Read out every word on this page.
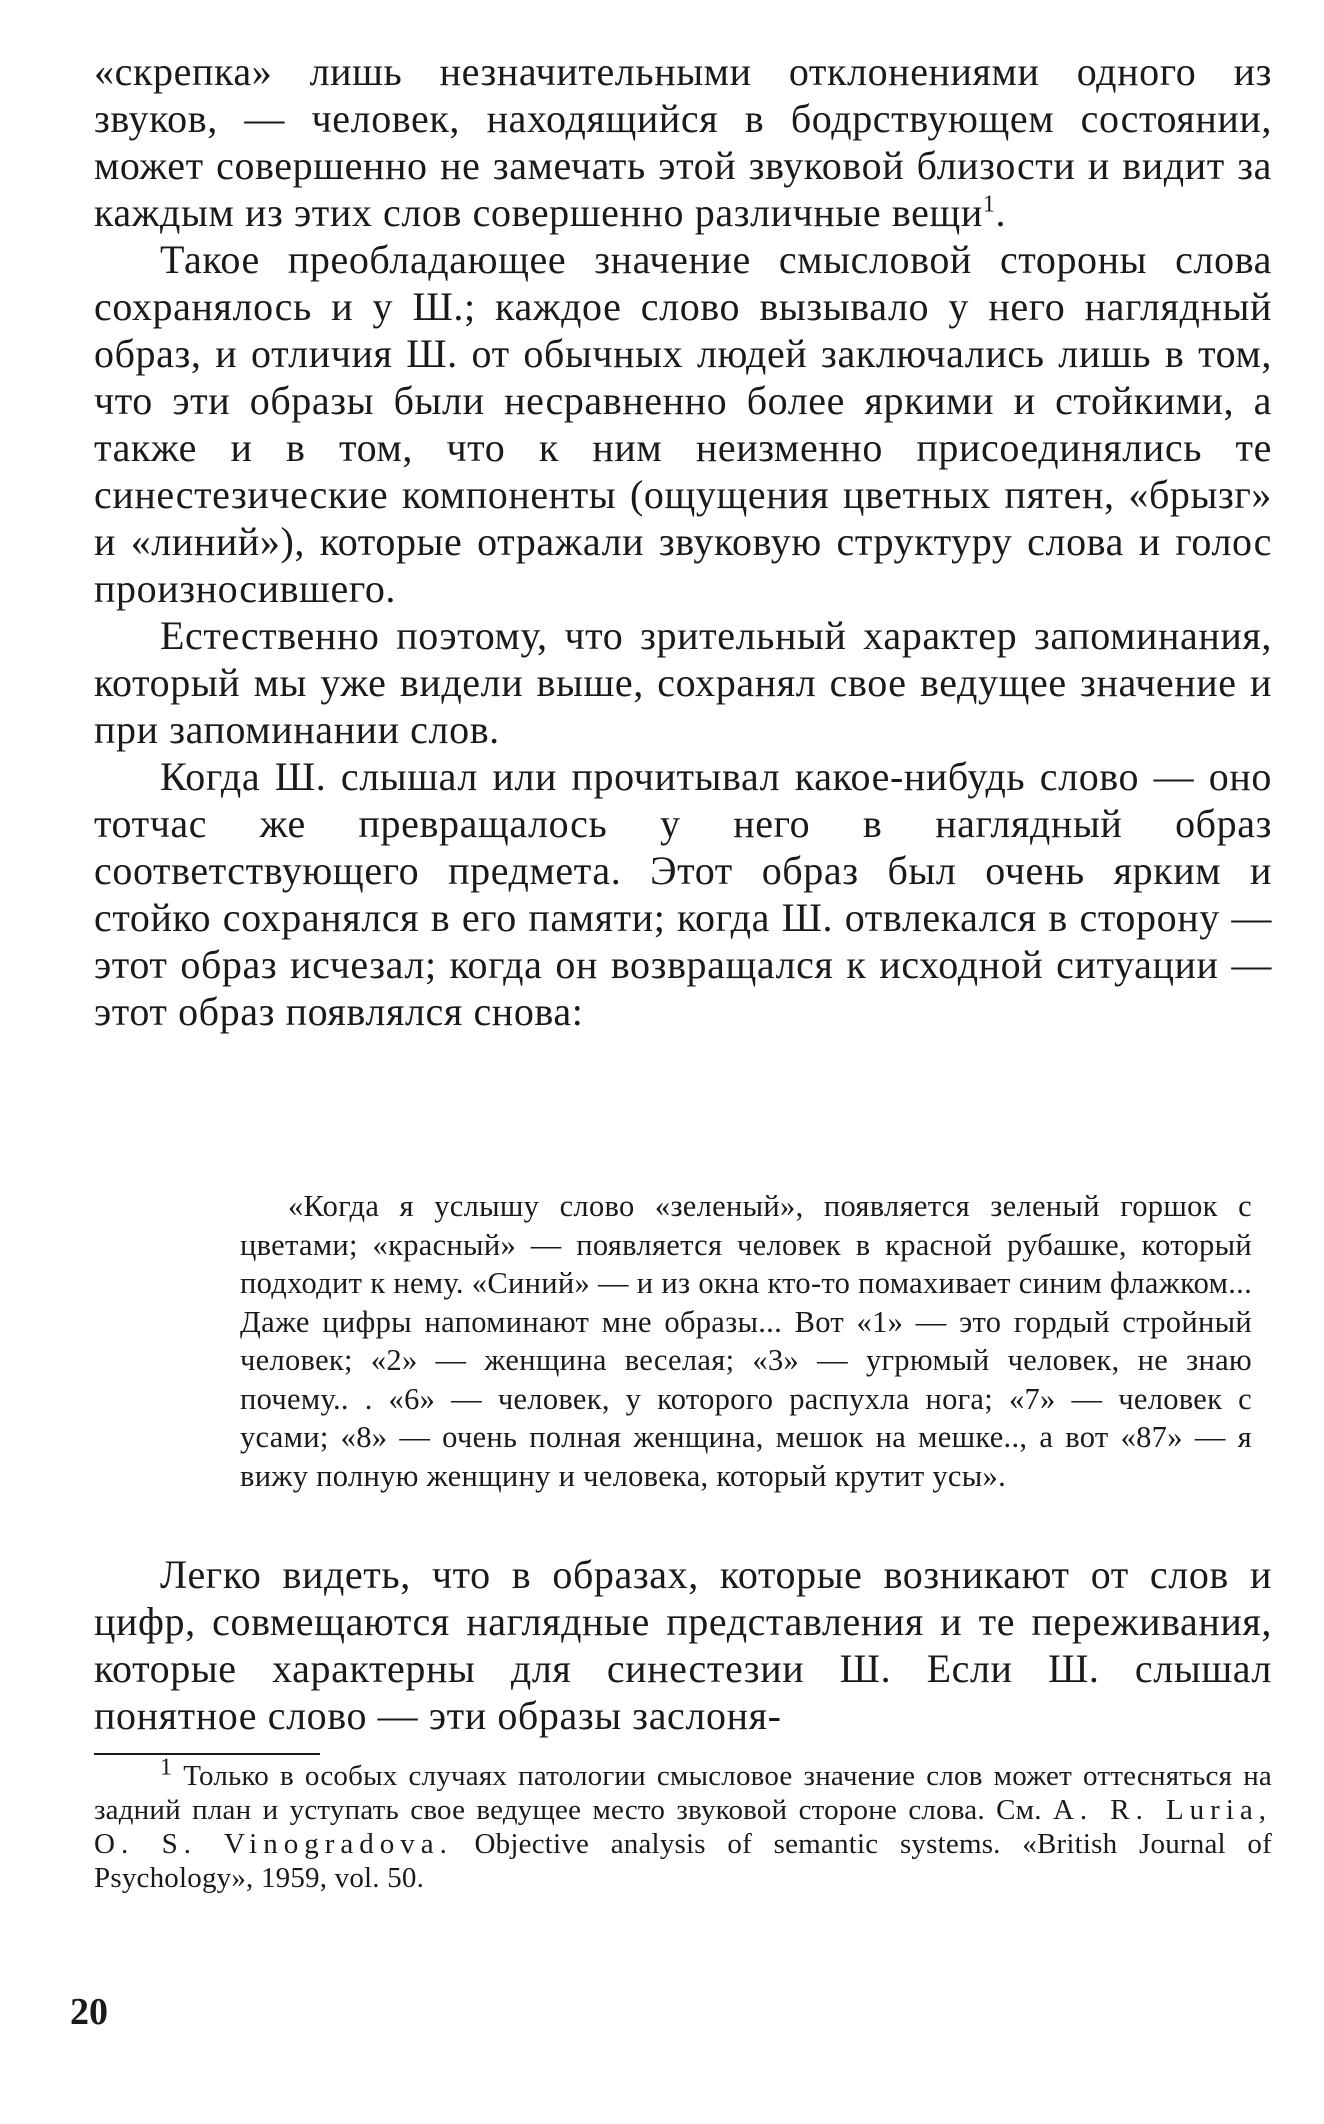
«скрепка» лишь незначительными отклонениями одного из звуков, — человек, находящийся в бодрствующем состоянии, может совершенно не замечать этой звуковой близости и видит за каждым из этих слов совершенно различные вещи$^1$.

Такое преобладающее значение смысловой стороны слова сохранялось и у Ш.; каждое слово вызывало у него наглядный образ, и отличия Ш. от обычных людей заключались лишь в том, что эти образы были несравненно более яркими и стойкими, а также и в том, что к ним неизменно присоединялись те синестезические компоненты (ощущения цветных пятен, «брызг» и «линий»), которые отражали звуковую структуру слова и голос произносившего.

Естественно поэтому, что зрительный характер запоминания, который мы уже видели выше, сохранял свое ведущее значение и при запоминании слов.

Когда Ш. слышал или прочитывал какое-нибудь слово — оно тотчас же превращалось у него в наглядный образ соответствующего предмета. Этот образ был очень ярким и стойко сохранялся в его памяти; когда Ш. отвлекался в сторону — этот образ исчезал; когда он возвращался к исходной ситуации — этот образ появлялся снова:

«Когда я услышу слово «зеленый», появляется зеленый горшок с цветами; «красный» — появляется человек в красной рубашке, который подходит к нему. «Синий» — и из окна кто-то помахивает синим флажком... Даже цифры напоминают мне образы... Вот «1» — это гордый стройный человек; «2» — женщина веселая; «3» — угрюмый человек, не знаю почему.. . «6» — человек, у которого распухла нога; «7» — человек с усами; «8» — очень полная женщина, мешок на мешке.., а вот «87» — я вижу полную женщину и человека, который крутит усы».

Легко видеть, что в образах, которые возникают от слов и цифр, совмещаются наглядные представления и те переживания, которые характерны для синестезии Ш. Если Ш. слышал понятное слово — эти образы заслоня-

$^1$ Только в особых случаях патологии смысловое значение слов может оттесняться на задний план и уступать свое ведущее место звуковой стороне слова. См. A. R. Luria, O. S. Vinogradova. Objective analysis of semantic systems. «British Journal of Psychology», 1959, vol. 50.

20
